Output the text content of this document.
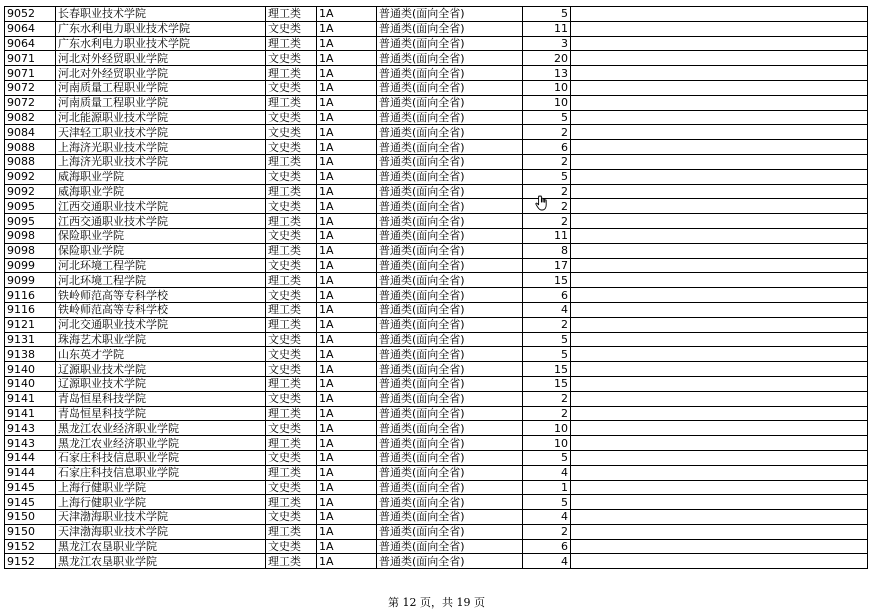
9052	长春职业技术学院	理工类	1A	普通类(面向全省)	5	
9064	广东水利电力职业技术学院	文史类	1A	普通类(面向全省)	11	
9064	广东水利电力职业技术学院	理工类	1A	普通类(面向全省)	3	
9071	河北对外经贸职业学院	文史类	1A	普通类(面向全省)	20	
9071	河北对外经贸职业学院	理工类	1A	普通类(面向全省)	13	
9072	河南质量工程职业学院	文史类	1A	普通类(面向全省)	10	
9072	河南质量工程职业学院	理工类	1A	普通类(面向全省)	10	
9082	河北能源职业技术学院	文史类	1A	普通类(面向全省)	5	
9084	天津轻工职业技术学院	文史类	1A	普通类(面向全省)	2	
9088	上海济光职业技术学院	文史类	1A	普通类(面向全省)	6	
9088	上海济光职业技术学院	理工类	1A	普通类(面向全省)	2	
9092	威海职业学院	文史类	1A	普通类(面向全省)	5	
9092	威海职业学院	理工类	1A	普通类(面向全省)	2	
9095	江西交通职业技术学院	文史类	1A	普通类(面向全省)	2	
9095	江西交通职业技术学院	理工类	1A	普通类(面向全省)	2	
9098	保险职业学院	文史类	1A	普通类(面向全省)	11	
9098	保险职业学院	理工类	1A	普通类(面向全省)	8	
9099	河北环境工程学院	文史类	1A	普通类(面向全省)	17	
9099	河北环境工程学院	理工类	1A	普通类(面向全省)	15	
9116	铁岭师范高等专科学校	文史类	1A	普通类(面向全省)	6	
9116	铁岭师范高等专科学校	理工类	1A	普通类(面向全省)	4	
9121	河北交通职业技术学院	理工类	1A	普通类(面向全省)	2	
9131	珠海艺术职业学院	文史类	1A	普通类(面向全省)	5	
9138	山东英才学院	文史类	1A	普通类(面向全省)	5	
9140	辽源职业技术学院	文史类	1A	普通类(面向全省)	15	
9140	辽源职业技术学院	理工类	1A	普通类(面向全省)	15	
9141	青岛恒星科技学院	文史类	1A	普通类(面向全省)	2	
9141	青岛恒星科技学院	理工类	1A	普通类(面向全省)	2	
9143	黑龙江农业经济职业学院	文史类	1A	普通类(面向全省)	10	
9143	黑龙江农业经济职业学院	理工类	1A	普通类(面向全省)	10	
9144	石家庄科技信息职业学院	文史类	1A	普通类(面向全省)	5	
9144	石家庄科技信息职业学院	理工类	1A	普通类(面向全省)	4	
9145	上海行健职业学院	文史类	1A	普通类(面向全省)	1	
9145	上海行健职业学院	理工类	1A	普通类(面向全省)	5	
9150	天津渤海职业技术学院	文史类	1A	普通类(面向全省)	4	
9150	天津渤海职业技术学院	理工类	1A	普通类(面向全省)	2	
9152	黑龙江农垦职业学院	文史类	1A	普通类(面向全省)	6	
9152	黑龙江农垦职业学院	理工类	1A	普通类(面向全省)	4	
第 12 页，共 19 页
